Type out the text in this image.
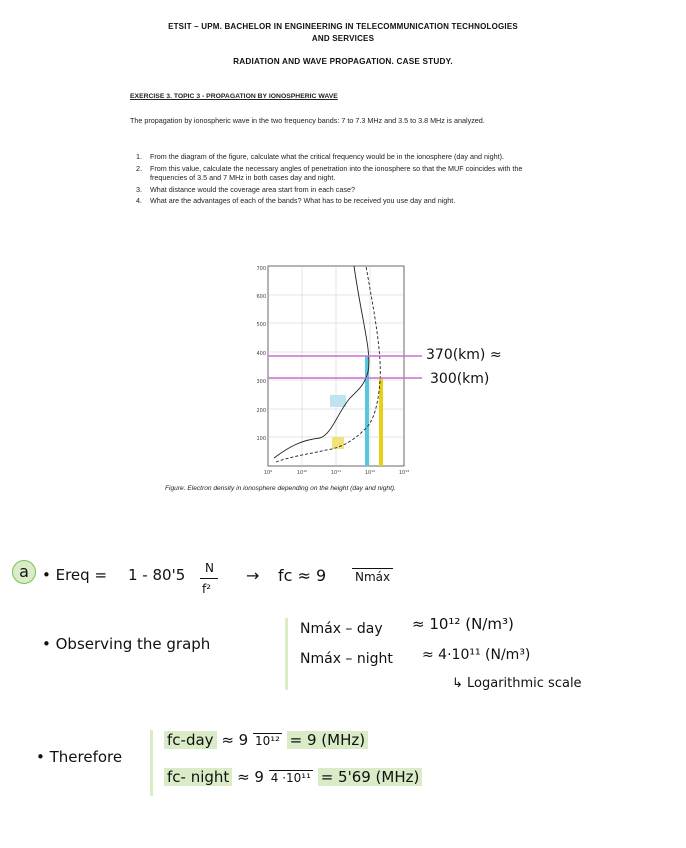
ETSIT – UPM. BACHELOR IN ENGINEERING IN TELECOMMUNICATION TECHNOLOGIES
AND SERVICES
RADIATION AND WAVE PROPAGATION. CASE STUDY.
EXERCISE 3. TOPIC 3 - PROPAGATION BY IONOSPHERIC WAVE
The propagation by ionospheric wave in the two frequency bands: 7 to 7.3 MHz and 3.5 to 3.8 MHz is analyzed.
1. From the diagram of the figure, calculate what the critical frequency would be in the ionosphere (day and night).
2. From this value, calculate the necessary angles of penetration into the ionosphere so that the MUF coincides with the frequencies of 3.5 and 7 MHz in both cases day and night.
3. What distance would the coverage area start from in each case?
4. What are the advantages of each of the bands? What has to be received you use day and night.
700
600
500
400
300
200
100
10⁹	10¹⁰	10¹¹	10¹²	10¹³
370(km) ≈
300(km)
Figure. Electron density in ionosphere depending on the height (day and night).
a • Ereq = 1 - 80'5 N
f²
→ fc ≈ 9 Nmáx
• Observing the graph
Nmáx – day ≈ 10¹² (N/m³)
Nmáx – night ≈ 4·10¹¹ (N/m³)
↳ Logarithmic scale
• Therefore
fc-day ≈ 9 10¹² = 9 (MHz)
fc- night ≈ 9 4 ·10¹¹ = 5'69 (MHz)
